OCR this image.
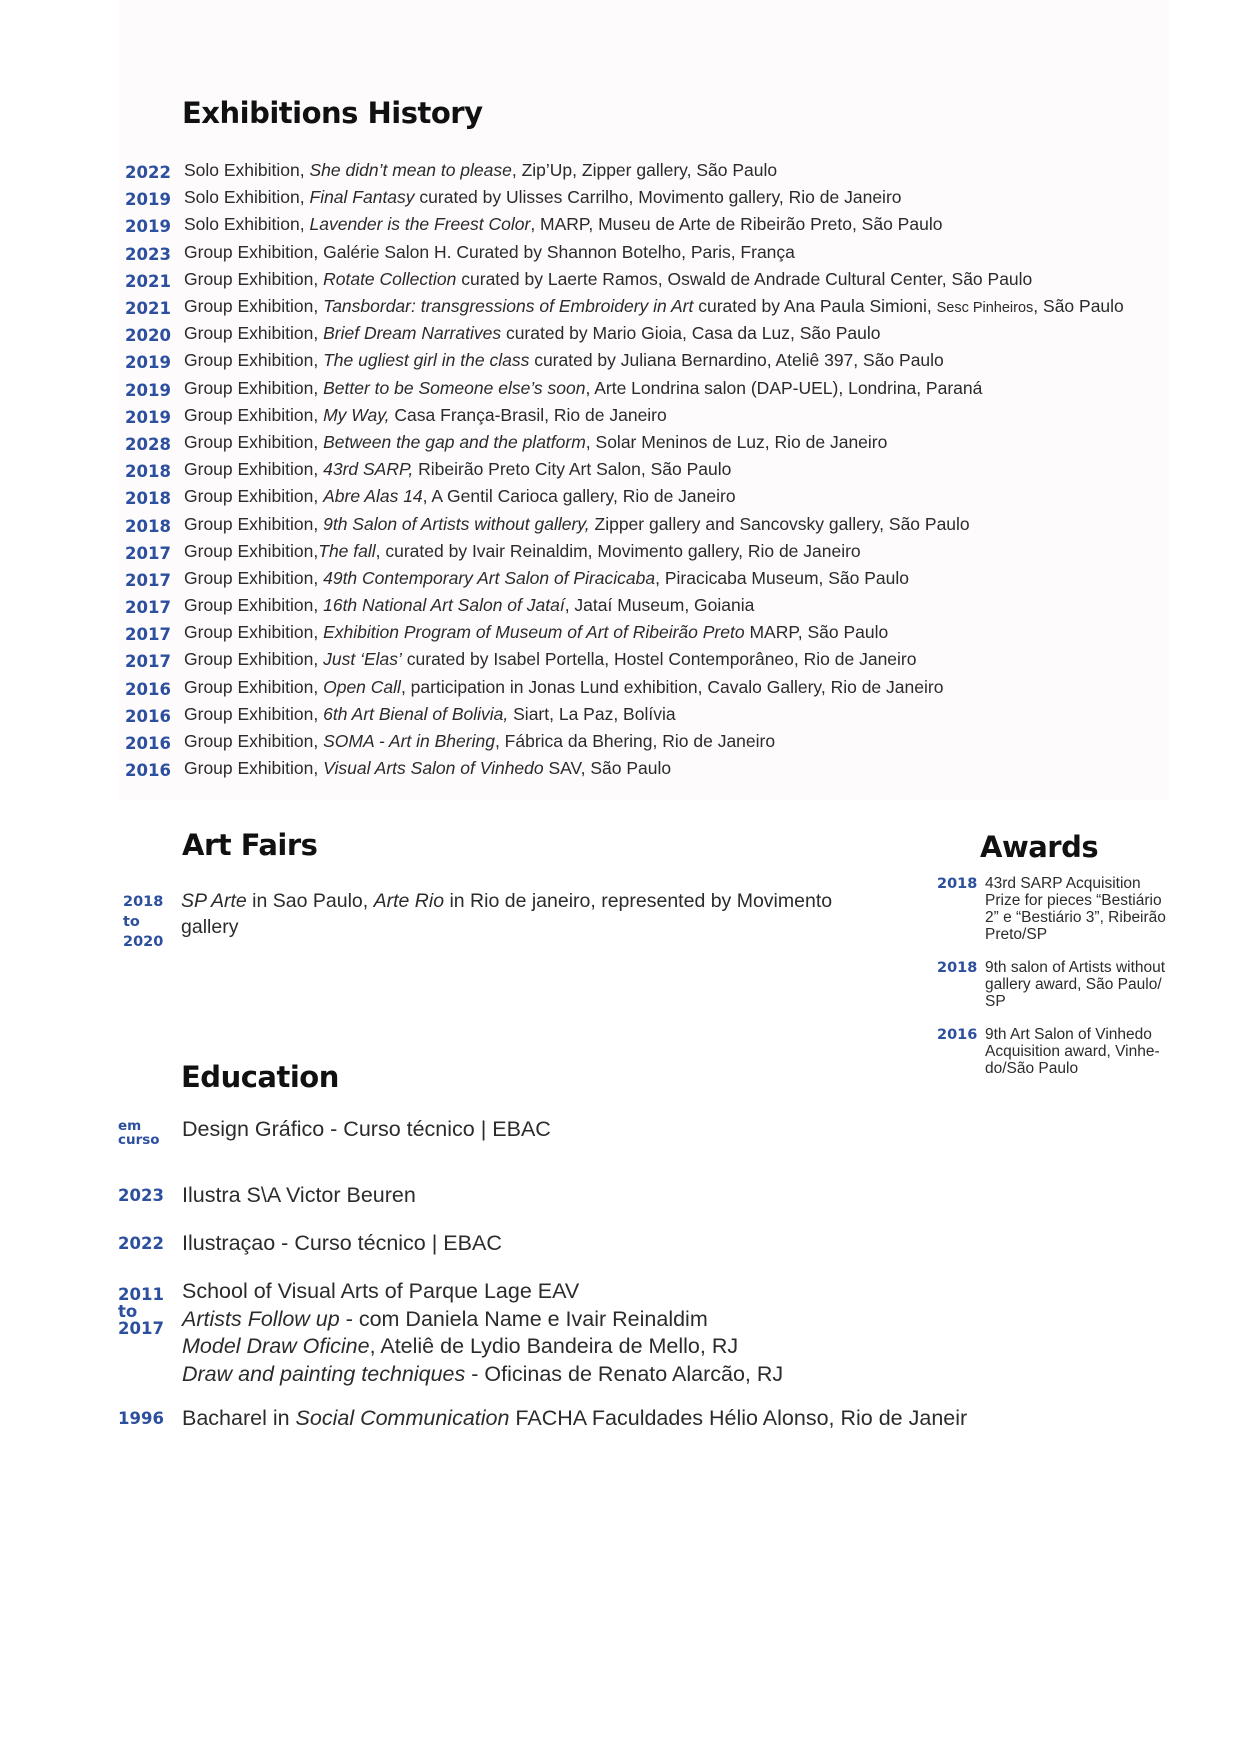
Exhibitions History
2022 Solo Exhibition, She didn’t mean to please, Zip’Up, Zipper gallery, São Paulo
2019 Solo Exhibition, Final Fantasy curated by Ulisses Carrilho, Movimento gallery, Rio de Janeiro
2019 Solo Exhibition, Lavender is the Freest Color, MARP, Museu de Arte de Ribeirão Preto, São Paulo
2023 Group Exhibition, Galérie Salon H. Curated by Shannon Botelho, Paris, França
2021 Group Exhibition, Rotate Collection curated by Laerte Ramos, Oswald de Andrade Cultural Center, São Paulo
2021 Group Exhibition, Tansbordar: transgressions of Embroidery in Art curated by Ana Paula Simioni, Sesc Pinheiros, São Paulo
2020 Group Exhibition, Brief Dream Narratives curated by Mario Gioia, Casa da Luz, São Paulo
2019 Group Exhibition, The ugliest girl in the class curated by Juliana Bernardino, Ateliê 397, São Paulo
2019 Group Exhibition, Better to be Someone else’s soon, Arte Londrina salon (DAP-UEL), Londrina, Paraná
2019 Group Exhibition, My Way, Casa França-Brasil, Rio de Janeiro
2028 Group Exhibition, Between the gap and the platform, Solar Meninos de Luz, Rio de Janeiro
2018 Group Exhibition, 43rd SARP, Ribeirão Preto City Art Salon, São Paulo
2018 Group Exhibition, Abre Alas 14, A Gentil Carioca gallery, Rio de Janeiro
2018 Group Exhibition, 9th Salon of Artists without gallery, Zipper gallery and Sancovsky gallery, São Paulo
2017 Group Exhibition,The fall, curated by Ivair Reinaldim, Movimento gallery, Rio de Janeiro
2017 Group Exhibition, 49th Contemporary Art Salon of Piracicaba, Piracicaba Museum, São Paulo
2017 Group Exhibition, 16th National Art Salon of Jataí, Jataí Museum, Goiania
2017 Group Exhibition, Exhibition Program of Museum of Art of Ribeirão Preto MARP, São Paulo
2017 Group Exhibition, Just ‘Elas’ curated by Isabel Portella, Hostel Contemporâneo, Rio de Janeiro
2016 Group Exhibition, Open Call, participation in Jonas Lund exhibition, Cavalo Gallery, Rio de Janeiro
2016 Group Exhibition, 6th Art Bienal of Bolivia, Siart, La Paz, Bolívia
2016 Group Exhibition, SOMA - Art in Bhering, Fábrica da Bhering, Rio de Janeiro
2016 Group Exhibition, Visual Arts Salon of Vinhedo SAV, São Paulo
Art Fairs
2018
to
2020
SP Arte in Sao Paulo, Arte Rio in Rio de janeiro, represented by Movimento gallery
Awards
2018 43rd SARP Acquisition Prize for pieces “Bestiário 2” e “Bestiário 3”, Ribeirão Preto/SP
2018 9th salon of Artists without gallery award, São Paulo/ SP
2016 9th Art Salon of Vinhedo Acquisition award, Vinhe-do/São Paulo
Education
em
curso Design Gráfico - Curso técnico | EBAC
2023 Ilustra S\A Victor Beuren
2022 Ilustraçao - Curso técnico | EBAC
2011
to
2017
School of Visual Arts of Parque Lage EAV
Artists Follow up - com Daniela Name e Ivair Reinaldim
Model Draw Oficine, Ateliê de Lydio Bandeira de Mello, RJ
Draw and painting techniques - Oficinas de Renato Alarcão, RJ
1996 Bacharel in Social Communication FACHA Faculdades Hélio Alonso, Rio de Janeir
